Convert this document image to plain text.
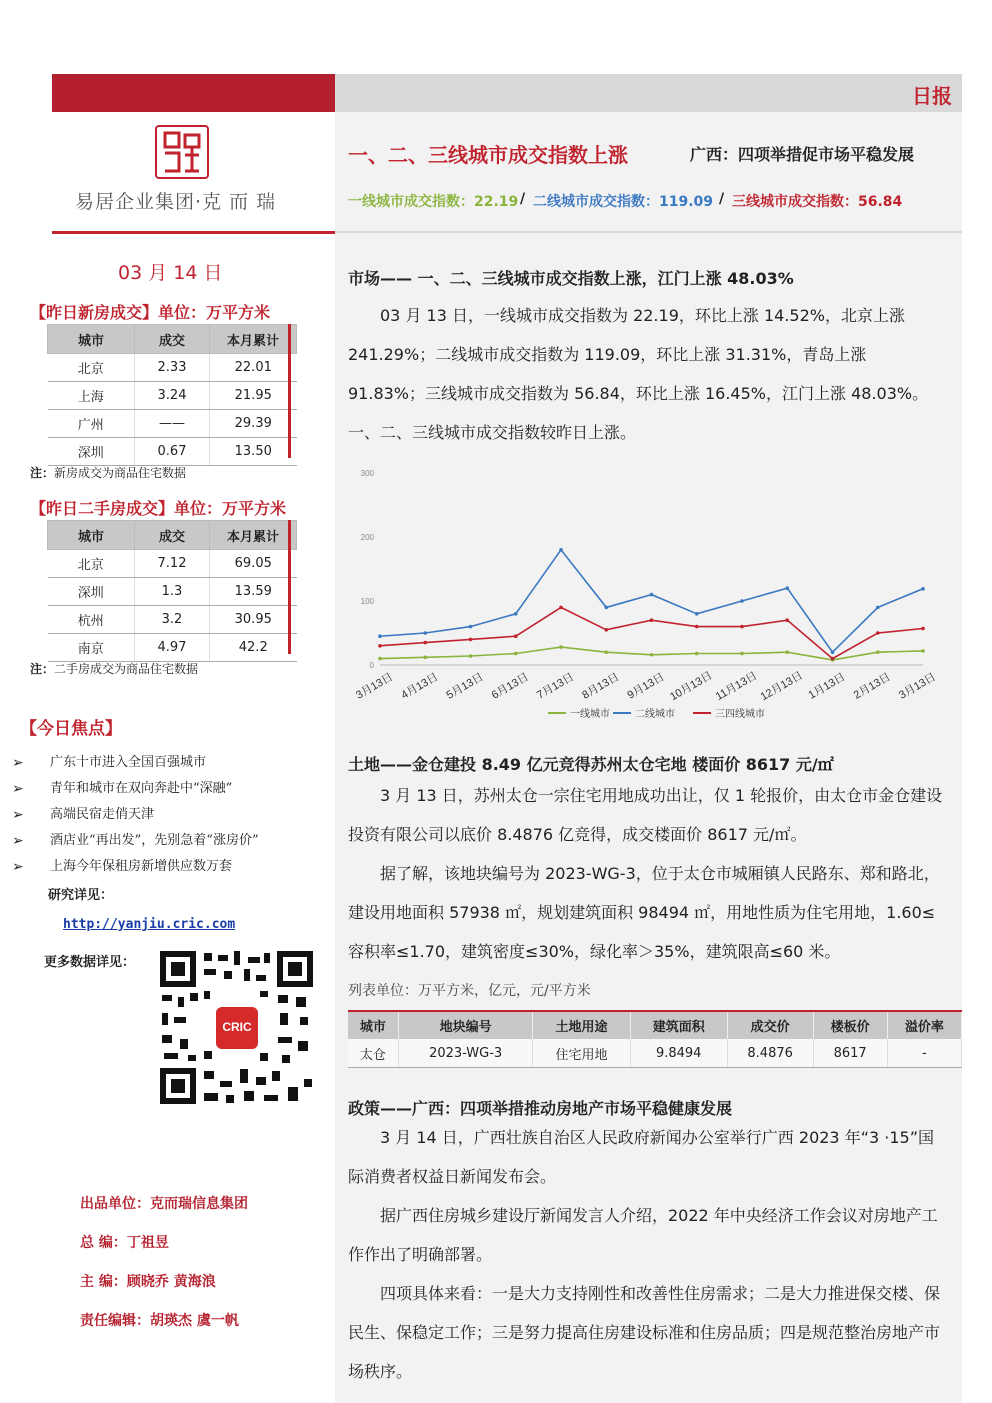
日报
易居企业集团·克 而 瑞
一、二、三线城市成交指数上涨	广西：四项举措促市场平稳发展
一线城市成交指数：22.19 / 二线城市成交指数：119.09 / 三线城市成交指数：56.84
03 月 14 日
【昨日新房成交】单位：万平方米
城市	成交	本月累计
北京	2.33	22.01
上海	3.24	21.95
广州	——	29.39
深圳	0.67	13.50
注：新房成交为商品住宅数据
【昨日二手房成交】单位：万平方米
城市	成交	本月累计
北京	7.12	69.05
深圳	1.3	13.59
杭州	3.2	30.95
南京	4.97	42.2
注：二手房成交为商品住宅数据
【今日焦点】
➢ 广东十市进入全国百强城市
➢ 青年和城市在双向奔赴中“深融”
➢ 高端民宿走俏天津
➢ 酒店业“再出发”，先别急着“涨房价”
➢ 上海今年保租房新增供应数万套
研究详见：
http://yanjiu.cric.com
更多数据详见：
CRIC
出品单位：克而瑞信息集团
总 编：丁祖昱
主 编：顾晓乔 黄海浪
责任编辑：胡瑛杰 虞一帆
市场—— 一、二、三线城市成交指数上涨，江门上涨 48.03%
03 月 13 日，一线城市成交指数为 22.19，环比上涨 14.52%，北京上涨 241.29%；二线城市成交指数为 119.09，环比上涨 31.31%，青岛上涨 91.83%；三线城市成交指数为 56.84，环比上涨 16.45%，江门上涨 48.03%。一、二、三线城市成交指数较昨日上涨。
0
100
200
300
3月13日 4月13日 5月13日 6月13日 7月13日 8月13日 9月13日 10月13日 11月13日 12月13日 1月13日 2月13日 3月13日
一线城市	二线城市	三四线城市
土地——金仓建投 8.49 亿元竞得苏州太仓宅地 楼面价 8617 元/㎡
3 月 13 日，苏州太仓一宗住宅用地成功出让，仅 1 轮报价，由太仓市金仓建设投资有限公司以底价 8.4876 亿竞得，成交楼面价 8617 元/㎡。
据了解，该地块编号为 2023-WG-3，位于太仓市城厢镇人民路东、郑和路北，建设用地面积 57938 ㎡，规划建筑面积 98494 ㎡，用地性质为住宅用地，1.60≤容积率≤1.70，建筑密度≤30%，绿化率＞35%，建筑限高≤60 米。
列表单位：万平方米，亿元，元/平方米
城市	地块编号	土地用途	建筑面积	成交价	楼板价	溢价率
太仓	2023-WG-3	住宅用地	9.8494	8.4876	8617	-
政策——广西：四项举措推动房地产市场平稳健康发展
3 月 14 日，广西壮族自治区人民政府新闻办公室举行广西 2023 年“3 ·15”国际消费者权益日新闻发布会。
据广西住房城乡建设厅新闻发言人介绍，2022 年中央经济工作会议对房地产工作作出了明确部署。
四项具体来看：一是大力支持刚性和改善性住房需求；二是大力推进保交楼、保民生、保稳定工作；三是努力提高住房建设标准和住房品质；四是规范整治房地产市场秩序。
